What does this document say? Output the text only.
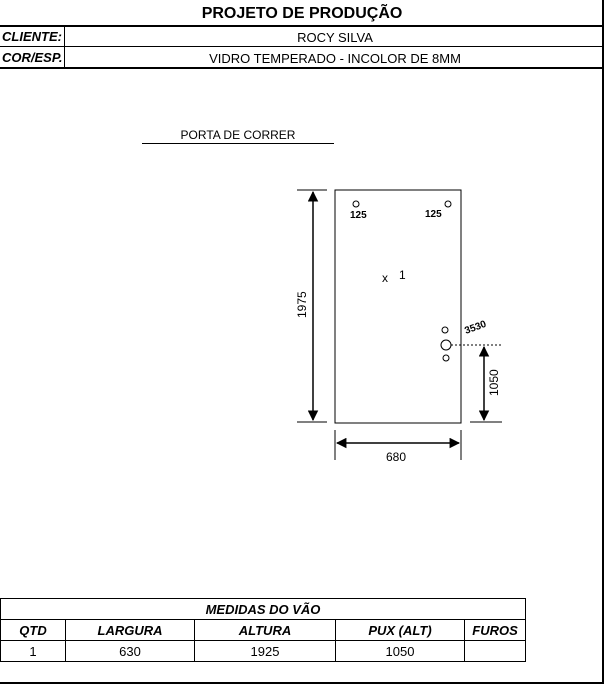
PROJETO DE PRODUÇÃO
CLIENTE:	ROCY SILVA
COR/ESP.	VIDRO TEMPERADO - INCOLOR DE 8MM
PORTA DE CORRER
125	125
x 1
3530
1975
1050
680
MEDIDAS DO VÃO				
QTD	LARGURA	ALTURA	PUX (ALT)	FUROS
1	630	1925	1050	
